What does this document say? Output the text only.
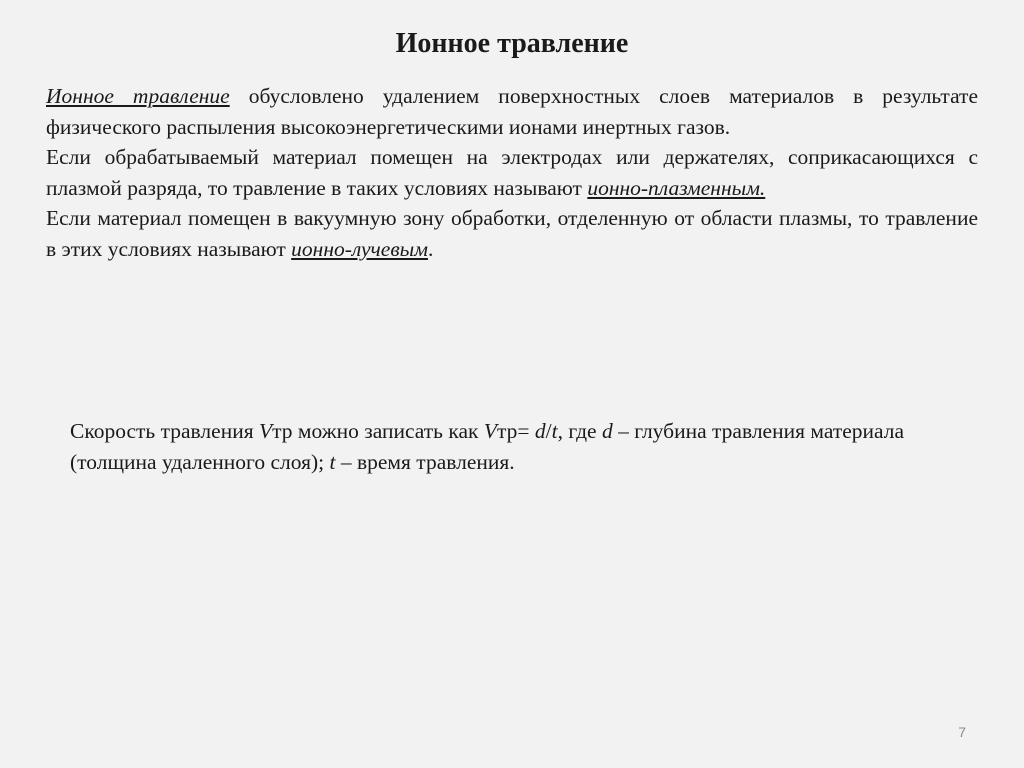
Ионное травление

Ионное травление обусловлено удалением поверхностных слоев материалов в результате физического распыления высокоэнергетическими ионами инертных газов.

Если обрабатываемый материал помещен на электродах или держателях, соприкасающихся с плазмой разряда, то травление в таких условиях называют ионно-плазменным.

Если материал помещен в вакуумную зону обработки, отделенную от области плазмы, то травление в этих условиях называют ионно-лучевым.

Скорость травления Vтр можно записать как Vтр= d/t, где d – глубина травления материала (толщина удаленного слоя); t – время травления.

7
